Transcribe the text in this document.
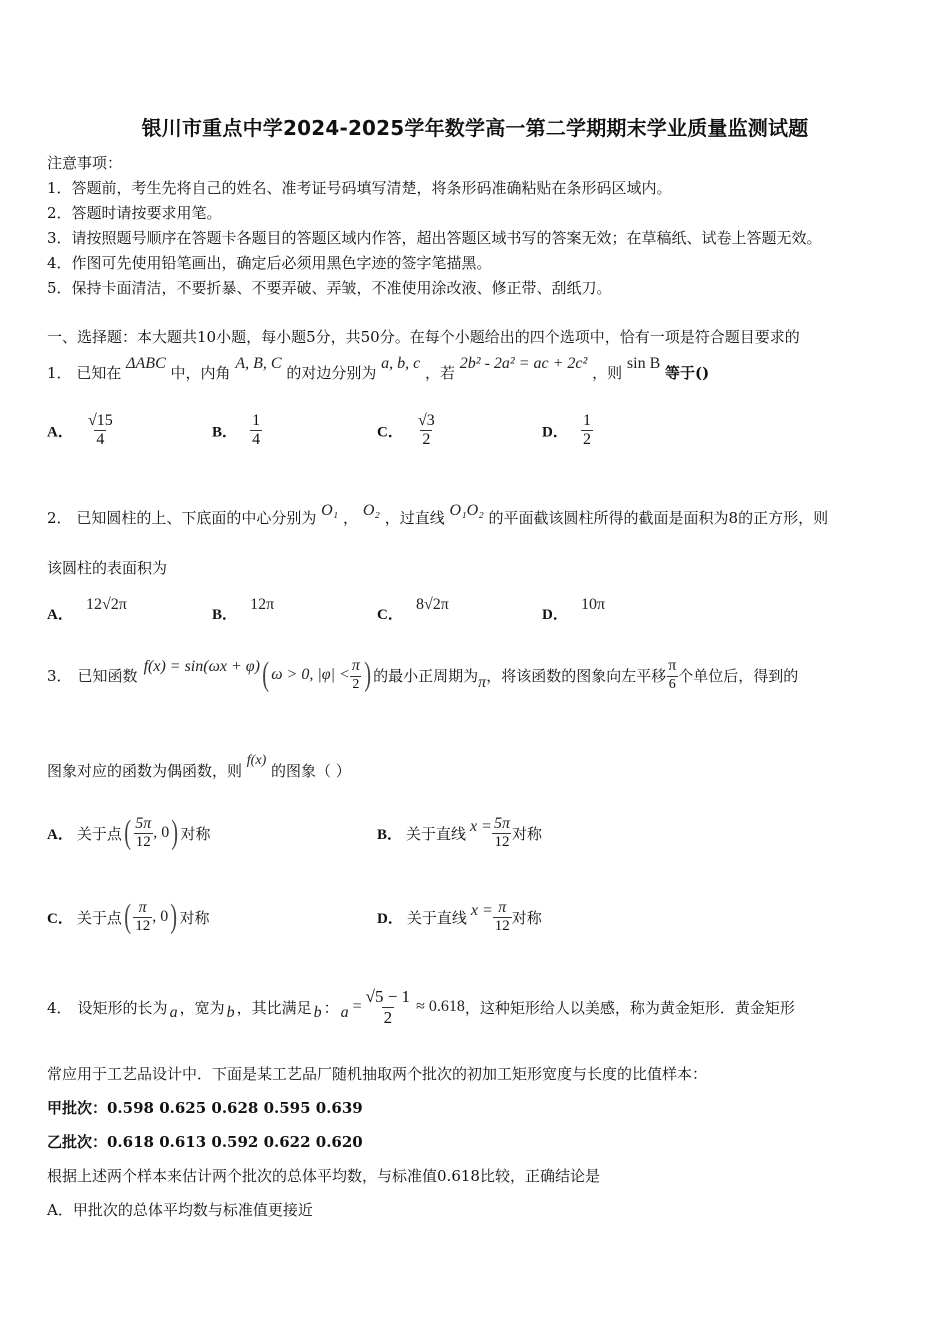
银川市重点中学2024-2025学年数学高一第二学期期末学业质量监测试题
注意事项：
1．答题前，考生先将自己的姓名、准考证号码填写清楚，将条形码准确粘贴在条形码区域内。
2．答题时请按要求用笔。
3．请按照题号顺序在答题卡各题目的答题区域内作答，超出答题区域书写的答案无效；在草稿纸、试卷上答题无效。
4．作图可先使用铅笔画出，确定后必须用黑色字迹的签字笔描黑。
5．保持卡面清洁，不要折暴、不要弄破、弄皱，不准使用涂改液、修正带、刮纸刀。
一、选择题：本大题共10小题，每小题5分，共50分。在每个小题给出的四个选项中，恰有一项是符合题目要求的
1． 已知在 ΔABC 中，内角 A, B, C 的对边分别为 a, b, c ，若 2b² - 2a² = ac + 2c² ，则 sin B 等于()
A． $\frac{√15}{4}$	B． $\frac{1}{4}$	C． $\frac{√3}{2}$	D． $\frac{1}{2}$
2． 已知圆柱的上、下底面的中心分别为 O₁ ， O₂ ，过直线 O₁O₂ 的平面截该圆柱所得的截面是面积为8的正方形，则
该圆柱的表面积为
A． 12√2π
B． 12π
C． 8√2π
D． 10π
3． 已知函数 f(x) = sin(ωx + φ) ( ω > 0, $|\varphi| < \frac{\pi}{2}$ ) 的最小正周期为 π ，将该函数的图象向左平移 $\frac{\pi}{6}$ 个单位后，得到的
图象对应的函数为偶函数，则 f(x) 的图象（ ）
A． 关于点 ( $\frac{5\pi}{12}$ , 0 ) 对称	B． 关于直线 $x = \frac{5\pi}{12}$ 对称
C． 关于点 ( $\frac{\pi}{12}$ , 0 ) 对称	D． 关于直线 $x = \frac{\pi}{12}$ 对称
4． 设矩形的长为 a ，宽为 b ，其比满足 b ： $a = \frac{√5 - 1}{2} \approx 0.618$ ，这种矩形给人以美感，称为黄金矩形．黄金矩形
常应用于工艺品设计中．下面是某工艺品厂随机抽取两个批次的初加工矩形宽度与长度的比值样本：
甲批次：0.598 0.625 0.628 0.595 0.639
乙批次：0.618 0.613 0.592 0.622 0.620
根据上述两个样本来估计两个批次的总体平均数，与标准值0.618比较，正确结论是
A．甲批次的总体平均数与标准值更接近
